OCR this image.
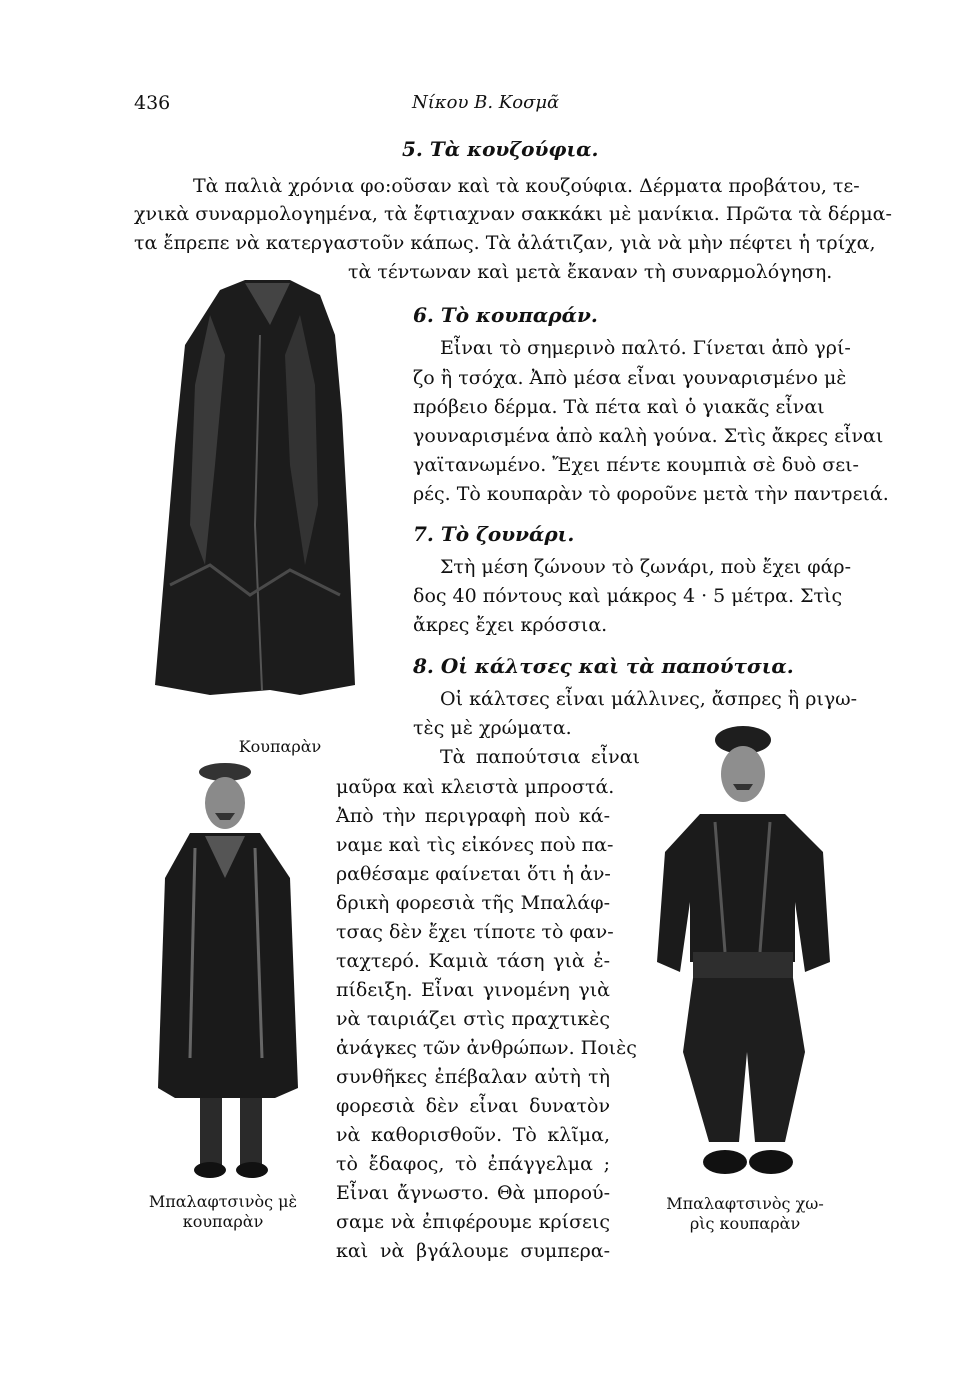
436	Νίκου Β. Κοσμᾶ
5. Τὰ κουζούφια.
Τὰ παλιὰ χρόνια φο:οῦσαν καὶ τὰ κουζούφια. Δέρματα προβάτου, τε-
χνικὰ συναρμολογημένα, τὰ ἔφτιαχναν σακκάκι μὲ μανίκια. Πρῶτα τὰ δέρμα-
τα ἔπρεπε νὰ κατεργαστοῦν κάπως. Τὰ ἀλάτιζαν, γιὰ νὰ μὴν πέφτει ἡ τρίχα,
τὰ τέντωναν καὶ μετὰ ἔκαναν τὴ συναρμολόγηση.
Κουπαρὰν
6. Τὸ κουπαράν.
Εἶναι τὸ σημερινὸ παλτό. Γίνεται ἀπὸ γρί-
ζο ἢ τσόχα. Ἀπὸ μέσα εἶναι γουναρισμένο μὲ
πρόβειο δέρμα. Τὰ πέτα καὶ ὁ γιακᾶς εἶναι
γουναρισμένα ἀπὸ καλὴ γούνα. Στὶς ἄκρες εἶναι
γαϊτανωμένο. Ἔχει πέντε κουμπιὰ σὲ δυὸ σει-
ρές. Τὸ κουπαρὰν τὸ φοροῦνε μετὰ τὴν παντρειά.
7. Τὸ ζουνάρι.
Στὴ μέση ζώνουν τὸ ζωνάρι, ποὺ ἔχει φάρ-
δος 40 πόντους καὶ μάκρος 4 · 5 μέτρα. Στὶς
ἄκρες ἔχει κρόσσια.
8. Οἱ κάλτσες καὶ τὰ παπούτσια.
Οἱ κάλτσες εἶναι μάλλινες, ἄσπρες ἢ ριγω-
τὲς μὲ χρώματα.
Τὰ παπούτσια εἶναι
μαῦρα καὶ κλειστὰ μπροστά.
Ἀπὸ τὴν περιγραφὴ ποὺ κά-
ναμε καὶ τὶς εἰκόνες ποὺ πα-
ραθέσαμε φαίνεται ὅτι ἡ ἀν-
δρικὴ φορεσιὰ τῆς Μπαλάφ-
τσας δὲν ἔχει τίποτε τὸ φαν-
ταχτερό. Καμιὰ τάση γιὰ ἐ-
πίδειξη. Εἶναι γινομένη γιὰ
νὰ ταιριάζει στὶς πραχτικὲς
ἀνάγκες τῶν ἀνθρώπων. Ποιὲς
συνθῆκες ἐπέβαλαν αὐτὴ τὴ
φορεσιὰ δὲν εἶναι δυνατὸν
νὰ καθορισθοῦν. Τὸ κλῖμα,
τὸ ἔδαφος, τὸ ἐπάγγελμα ;
Εἶναι ἄγνωστο. Θὰ μπορού-
σαμε νὰ ἐπιφέρουμε κρίσεις
καὶ νὰ βγάλουμε συμπερα-
Μπαλαφτσινὸς μὲ
κουπαρὰν
Μπαλαφτσινὸς χω-
ρὶς κουπαρὰν
